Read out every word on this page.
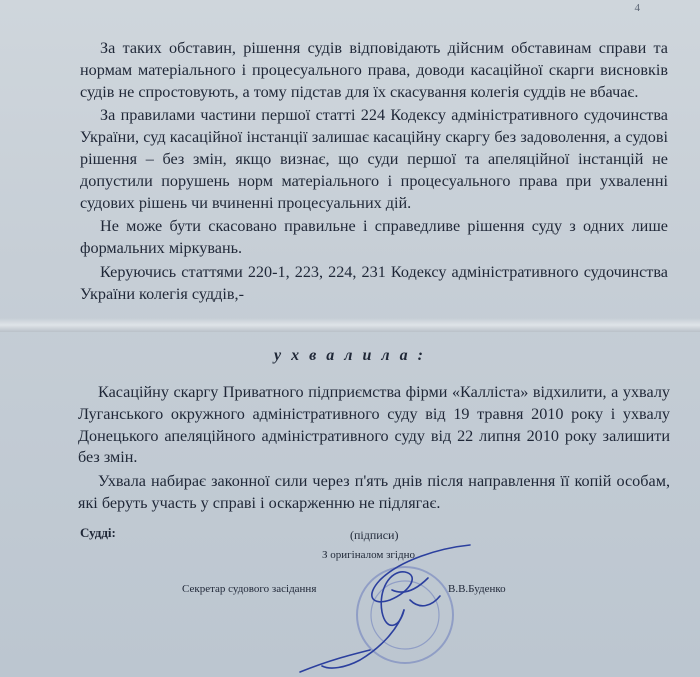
4

За таких обставин, рішення судів відповідають дійсним обставинам справи та нормам матеріального і процесуального права, доводи касаційної скарги висновків судів не спростовують, а тому підстав для їх скасування колегія суддів не вбачає.

За правилами частини першої статті 224 Кодексу адміністративного судочинства України, суд касаційної інстанції залишає касаційну скаргу без задоволення, а судові рішення – без змін, якщо визнає, що суди першої та апеляційної інстанцій не допустили порушень норм матеріального і процесуального права при ухваленні судових рішень чи вчиненні процесуальних дій.

Не може бути скасовано правильне і справедливе рішення суду з одних лише формальних міркувань.

Керуючись статтями 220-1, 223, 224, 231 Кодексу адміністративного судочинства України колегія суддів,-

у х в а л и л а :

Касаційну скаргу Приватного підприємства фірми «Калліста» відхилити, а ухвалу Луганського окружного адміністративного суду від 19 травня 2010 року і ухвалу Донецького апеляційного адміністративного суду від 22 липня 2010 року залишити без змін.

Ухвала набирає законної сили через п'ять днів після направлення її копій особам, які беруть участь у справі і оскарженню не підлягає.

Судді:	(підписи)
З оригіналом згідно
Секретар судового засідання	В.В.Буденко
